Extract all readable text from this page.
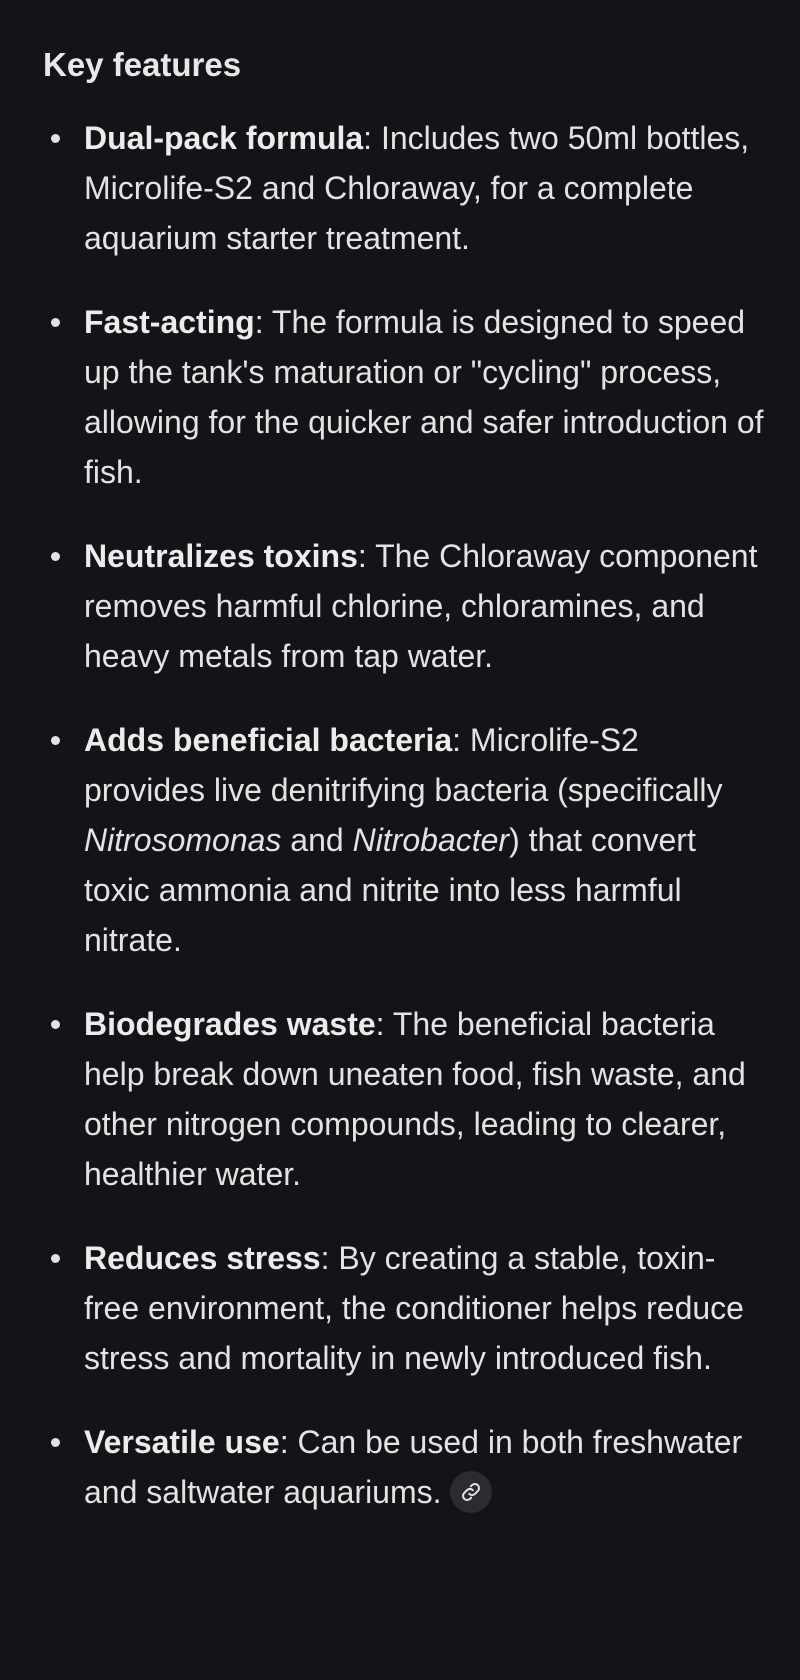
Key features
Dual-pack formula: Includes two 50ml bottles, Microlife-S2 and Chloraway, for a complete aquarium starter treatment.
Fast-acting: The formula is designed to speed up the tank's maturation or "cycling" process, allowing for the quicker and safer introduction of fish.
Neutralizes toxins: The Chloraway component removes harmful chlorine, chloramines, and heavy metals from tap water.
Adds beneficial bacteria: Microlife-S2 provides live denitrifying bacteria (specifically Nitrosomonas and Nitrobacter) that convert toxic ammonia and nitrite into less harmful nitrate.
Biodegrades waste: The beneficial bacteria help break down uneaten food, fish waste, and other nitrogen compounds, leading to clearer, healthier water.
Reduces stress: By creating a stable, toxin-free environment, the conditioner helps reduce stress and mortality in newly introduced fish.
Versatile use: Can be used in both freshwater and saltwater aquariums.
